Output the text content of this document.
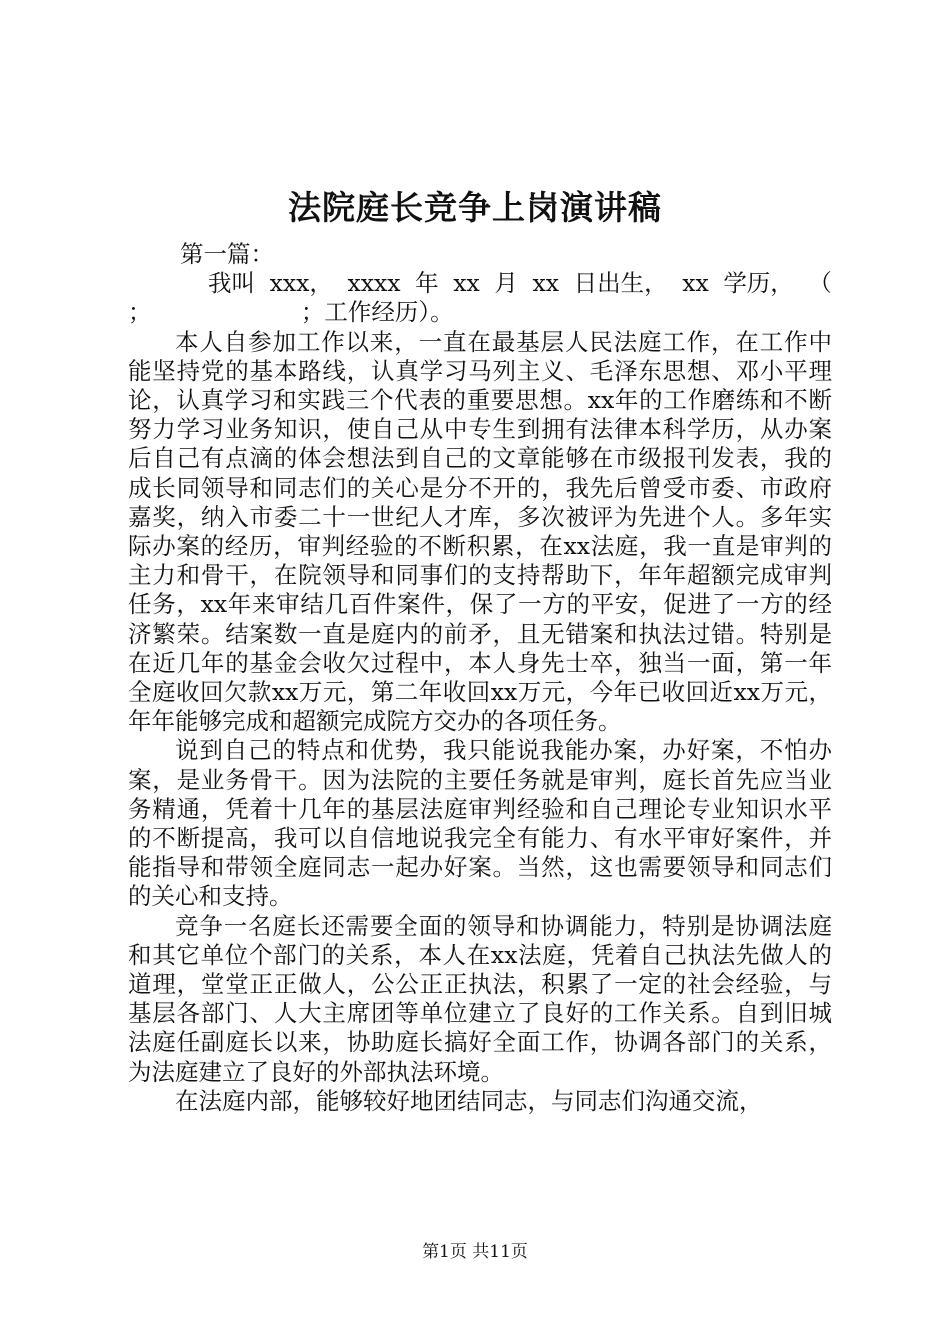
法院庭长竞争上岗演讲稿

第一篇：

我叫 xxx， xxxx 年 xx 月 xx 日出生， xx 学历， （

；	；工作经历）。

本人自参加工作以来，一直在最基层人民法庭工作，在工作中能坚持党的基本路线，认真学习马列主义、毛泽东思想、邓小平理论，认真学习和实践三个代表的重要思想。xx年的工作磨练和不断努力学习业务知识，使自己从中专生到拥有法律本科学历，从办案后自己有点滴的体会想法到自己的文章能够在市级报刊发表，我的成长同领导和同志们的关心是分不开的，我先后曾受市委、市政府嘉奖，纳入市委二十一世纪人才库，多次被评为先进个人。多年实际办案的经历，审判经验的不断积累，在xx法庭，我一直是审判的主力和骨干，在院领导和同事们的支持帮助下，年年超额完成审判任务，xx年来审结几百件案件，保了一方的平安，促进了一方的经济繁荣。结案数一直是庭内的前矛，且无错案和执法过错。特别是在近几年的基金会收欠过程中，本人身先士卒，独当一面，第一年全庭收回欠款xx万元，第二年收回xx万元，今年已收回近xx万元，年年能够完成和超额完成院方交办的各项任务。

说到自己的特点和优势，我只能说我能办案，办好案，不怕办案，是业务骨干。因为法院的主要任务就是审判，庭长首先应当业务精通，凭着十几年的基层法庭审判经验和自己理论专业知识水平的不断提高，我可以自信地说我完全有能力、有水平审好案件，并能指导和带领全庭同志一起办好案。当然，这也需要领导和同志们的关心和支持。

竞争一名庭长还需要全面的领导和协调能力，特别是协调法庭和其它单位个部门的关系，本人在xx法庭，凭着自己执法先做人的道理，堂堂正正做人，公公正正执法，积累了一定的社会经验，与基层各部门、人大主席团等单位建立了良好的工作关系。自到旧城法庭任副庭长以来，协助庭长搞好全面工作，协调各部门的关系，为法庭建立了良好的外部执法环境。

在法庭内部，能够较好地团结同志，与同志们沟通交流，

第1页 共11页
